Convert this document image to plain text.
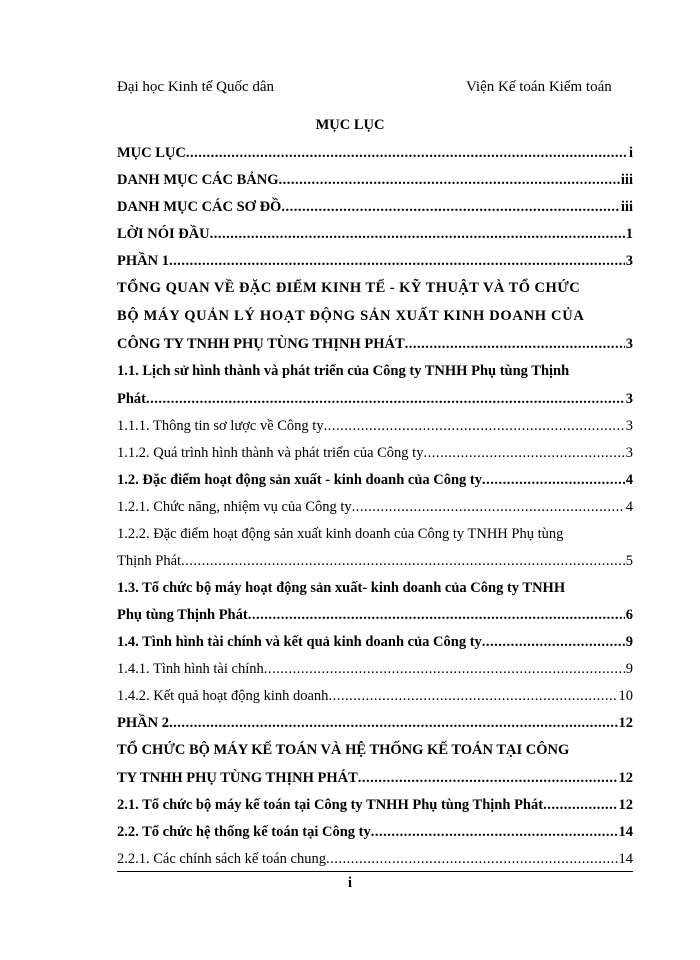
Đại học Kinh tế Quốc dân	Viện Kế toán Kiểm toán
MỤC LỤC
MỤC LỤC .....	i
DANH MỤC CÁC BẢNG .....	iii
DANH MỤC CÁC SƠ ĐỒ .....	iii
LỜI NÓI ĐẦU .....	1
PHẦN 1 .....	3
TỔNG QUAN VỀ ĐẶC ĐIỂM KINH TẾ - KỸ THUẬT VÀ TỔ CHỨC
BỘ MÁY QUẢN LÝ HOẠT ĐỘNG SẢN XUẤT KINH DOANH CỦA
CÔNG TY TNHH PHỤ TÙNG THỊNH PHÁT .....	3
1.1. Lịch sử hình thành và phát triển của Công ty TNHH Phụ tùng Thịnh
Phát .....	3
1.1.1. Thông tin sơ lược về Công ty .....	3
1.1.2. Quá trình hình thành và phát triển của Công ty .....	3
1.2. Đặc điểm hoạt động sản xuất - kinh doanh của Công ty .....	4
1.2.1. Chức năng, nhiệm vụ của Công ty .....	4
1.2.2. Đặc điểm hoạt động sản xuất kinh doanh của Công ty TNHH Phụ tùng
Thịnh Phát .....	5
1.3. Tổ chức bộ máy hoạt động sản xuất- kinh doanh của Công ty TNHH
Phụ tùng Thịnh Phát .....	6
1.4. Tình hình tài chính và kết quả kinh doanh của Công ty .....	9
1.4.1. Tình hình tài chính .....	9
1.4.2. Kết quả hoạt động kinh doanh .....	10
PHẦN 2 .....	12
TỔ CHỨC BỘ MÁY KẾ TOÁN VÀ HỆ THỐNG KẾ TOÁN TẠI CÔNG
TY TNHH PHỤ TÙNG THỊNH PHÁT .....	12
2.1. Tổ chức bộ máy kế toán tại Công ty TNHH Phụ tùng Thịnh Phát .....	12
2.2. Tổ chức hệ thống kế toán tại Công ty .....	14
2.2.1. Các chính sách kế toán chung .....	14
i
